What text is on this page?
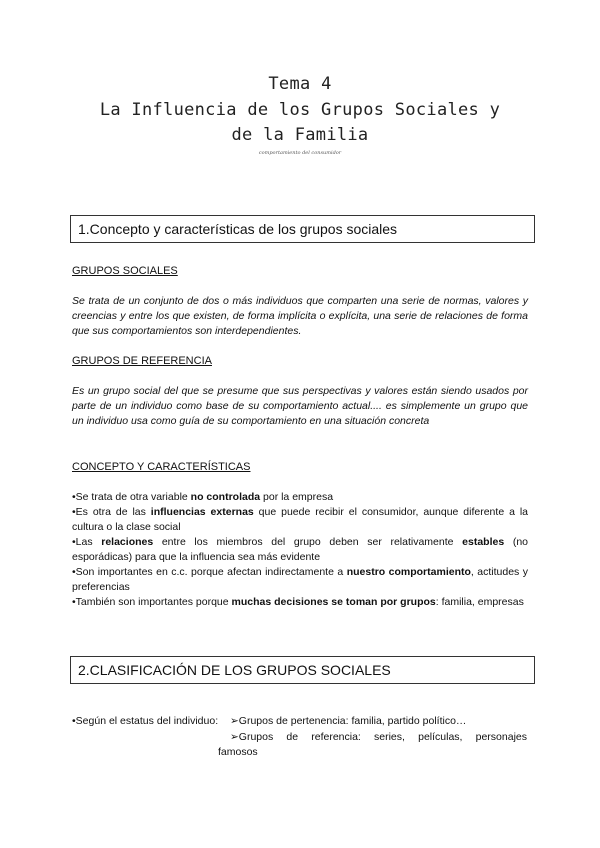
Tema 4
La Influencia de los Grupos Sociales y
de la Familia
comportamiento del consumidor
1.Concepto y características de los grupos sociales
GRUPOS SOCIALES
Se trata de un conjunto de dos o más individuos que comparten una serie de normas, valores y creencias y entre los que existen, de forma implícita o explícita, una serie de relaciones de forma que sus comportamientos son interdependientes.
GRUPOS DE REFERENCIA
Es un grupo social del que se presume que sus perspectivas y valores están siendo usados por parte de un individuo como base de su comportamiento actual.... es simplemente un grupo que un individuo usa como guía de su comportamiento en una situación concreta
CONCEPTO Y CARACTERÍSTICAS

•Se trata de otra variable no controlada por la empresa

•Es otra de las influencias externas que puede recibir el consumidor, aunque diferente a la cultura o la clase social

•Las relaciones entre los miembros del grupo deben ser relativamente estables (no esporádicas) para que la influencia sea más evidente

•Son importantes en c.c. porque afectan indirectamente a nuestro comportamiento, actitudes y preferencias

•También son importantes porque muchas decisiones se toman por grupos: familia, empresas

2.CLASIFICACIÓN DE LOS GRUPOS SOCIALES
•Según el estatus del individuo: ➢Grupos de pertenencia: familia, partido político…
➢Grupos de referencia: series, películas, personajes
famosos
